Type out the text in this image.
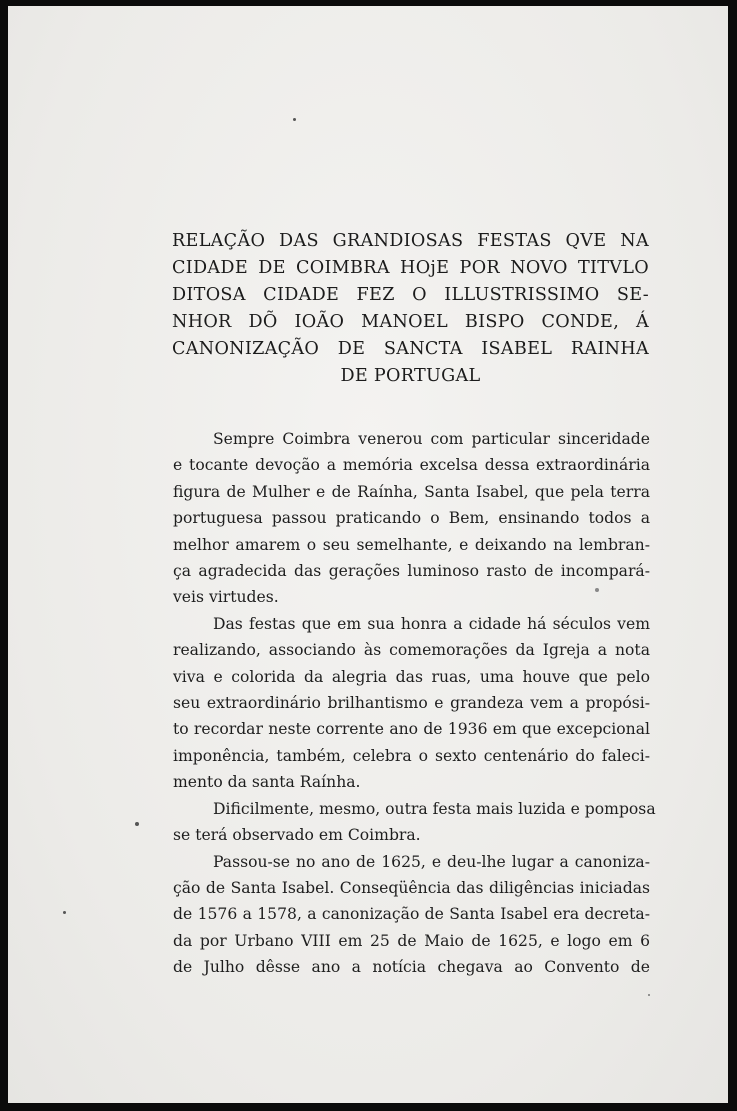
RELAÇÃO DAS GRANDIOSAS FESTAS QVE NA
CIDADE DE COIMBRA HOjE POR NOVO TITVLO
DITOSA CIDADE FEZ O ILLUSTRISSIMO SE-
NHOR DÕ IOÃO MANOEL BISPO CONDE, Á
CANONIZAÇÃO DE SANCTA ISABEL RAINHA
DE PORTUGAL
Sempre Coimbra venerou com particular sinceridade
e tocante devoção a memória excelsa dessa extraordinária
figura de Mulher e de Raínha, Santa Isabel, que pela terra
portuguesa passou praticando o Bem, ensinando todos a
melhor amarem o seu semelhante, e deixando na lembran-
ça agradecida das gerações luminoso rasto de incompará-
veis virtudes.
Das festas que em sua honra a cidade há séculos vem
realizando, associando às comemorações da Igreja a nota
viva e colorida da alegria das ruas, uma houve que pelo
seu extraordinário brilhantismo e grandeza vem a propósi-
to recordar neste corrente ano de 1936 em que excepcional
imponência, também, celebra o sexto centenário do faleci-
mento da santa Raínha.
Dificilmente, mesmo, outra festa mais luzida e pomposa
se terá observado em Coimbra.
Passou-se no ano de 1625, e deu-lhe lugar a canoniza-
ção de Santa Isabel. Conseqüência das diligências iniciadas
de 1576 a 1578, a canonização de Santa Isabel era decreta-
da por Urbano VIII em 25 de Maio de 1625, e logo em 6
de Julho dêsse ano a notícia chegava ao Convento de
